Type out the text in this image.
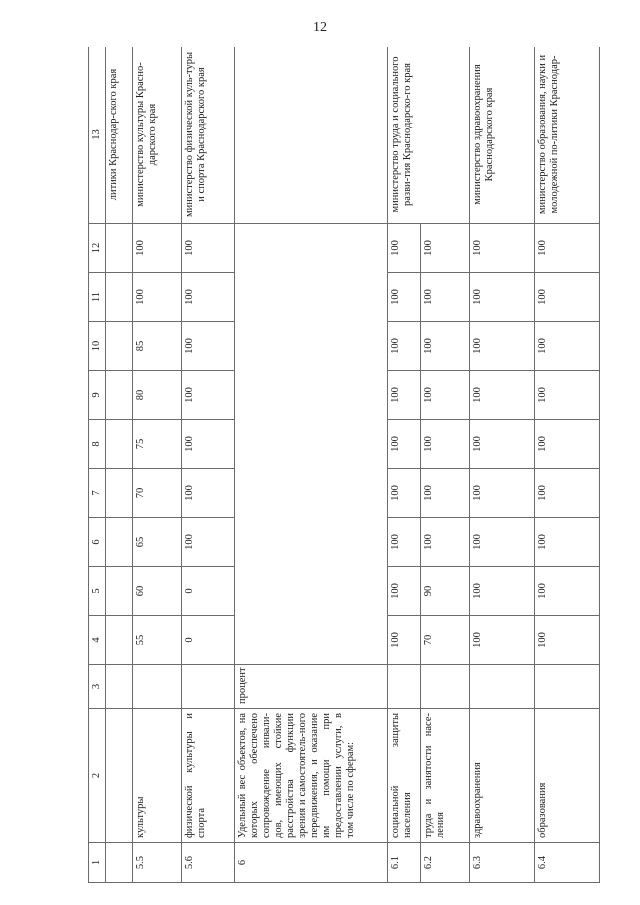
12
1	2	3	4	5	6	7	8	9	10	11	12	13
												литики Краснодар-ского края
5.5	культуры		55	60	65	70	75	80	85	100	100	министерство культуры Красно-дарского края
5.6	физической культуры и спорта		0	0	100	100	100	100	100	100	100	министерство физической куль-туры и спорта Краснодарского края
6	Удельный вес объектов, на которых обеспечено сопровождение инвали-дов, имеющих стойкие расстройства функции зрения и самостоятель-ного передвижения, и оказание им помощи при предоставлении услуги, в том числе по сферам:	процент										
6.1	социальной защиты населения		100	100	100	100	100	100	100	100	100	министерство труда и социального разви-тия Краснодарско-го края
6.2	труда и занятости насе-ления		70	90	100	100	100	100	100	100	100	
6.3	здравоохранения		100	100	100	100	100	100	100	100	100	министерство здравоохранения Краснодарского края
6.4	образования		100	100	100	100	100	100	100	100	100	министерство образования, науки и молодежной по-литики Краснодар-
